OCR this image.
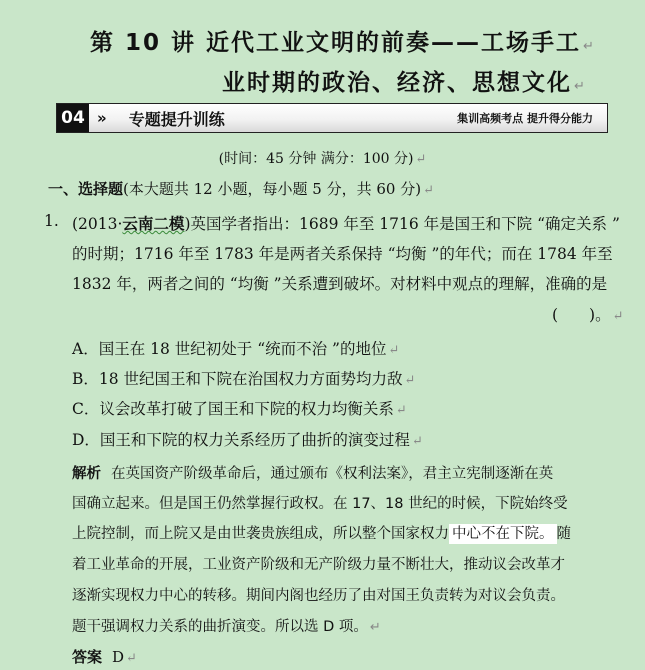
第 10 讲 近代工业文明的前奏——工场手工 ↵
业时期的政治、经济、思想文化 ↵
04 » 专题提升训练	集训高频考点 提升得分能力
(时间：45 分钟 满分：100 分) ↵
一、选择题(本大题共 12 小题，每小题 5 分，共 60 分) ↵
1. (2013·云南二模)英国学者指出：1689 年至 1716 年是国王和下院 “确定关系 ”
的时期；1716 年至 1783 年是两者关系保持 “均衡 ”的年代；而在 1784 年至
1832 年，两者之间的 “均衡 ”关系遭到破坏。对材料中观点的理解，准确的是
(　　)。 ↵
A．国王在 18 世纪初处于 “统而不治 ”的地位 ↵
B．18 世纪国王和下院在治国权力方面势均力敌 ↵
C．议会改革打破了国王和下院的权力均衡关系 ↵
D．国王和下院的权力关系经历了曲折的演变过程 ↵
解析 在英国资产阶级革命后，通过颁布《权利法案》，君主立宪制逐渐在英
国确立起来。但是国王仍然掌握行政权。在 17、18 世纪的时候，下院始终受
上院控制，而上院又是由世袭贵族组成，所以整个国家权力 中心不在下院。 随
着工业革命的开展，工业资产阶级和无产阶级力量不断壮大，推动议会改革才
逐渐实现权力中心的转移。期间内阁也经历了由对国王负责转为对议会负责。
题干强调权力关系的曲折演变。所以选 D 项。 ↵
答案 D ↵
